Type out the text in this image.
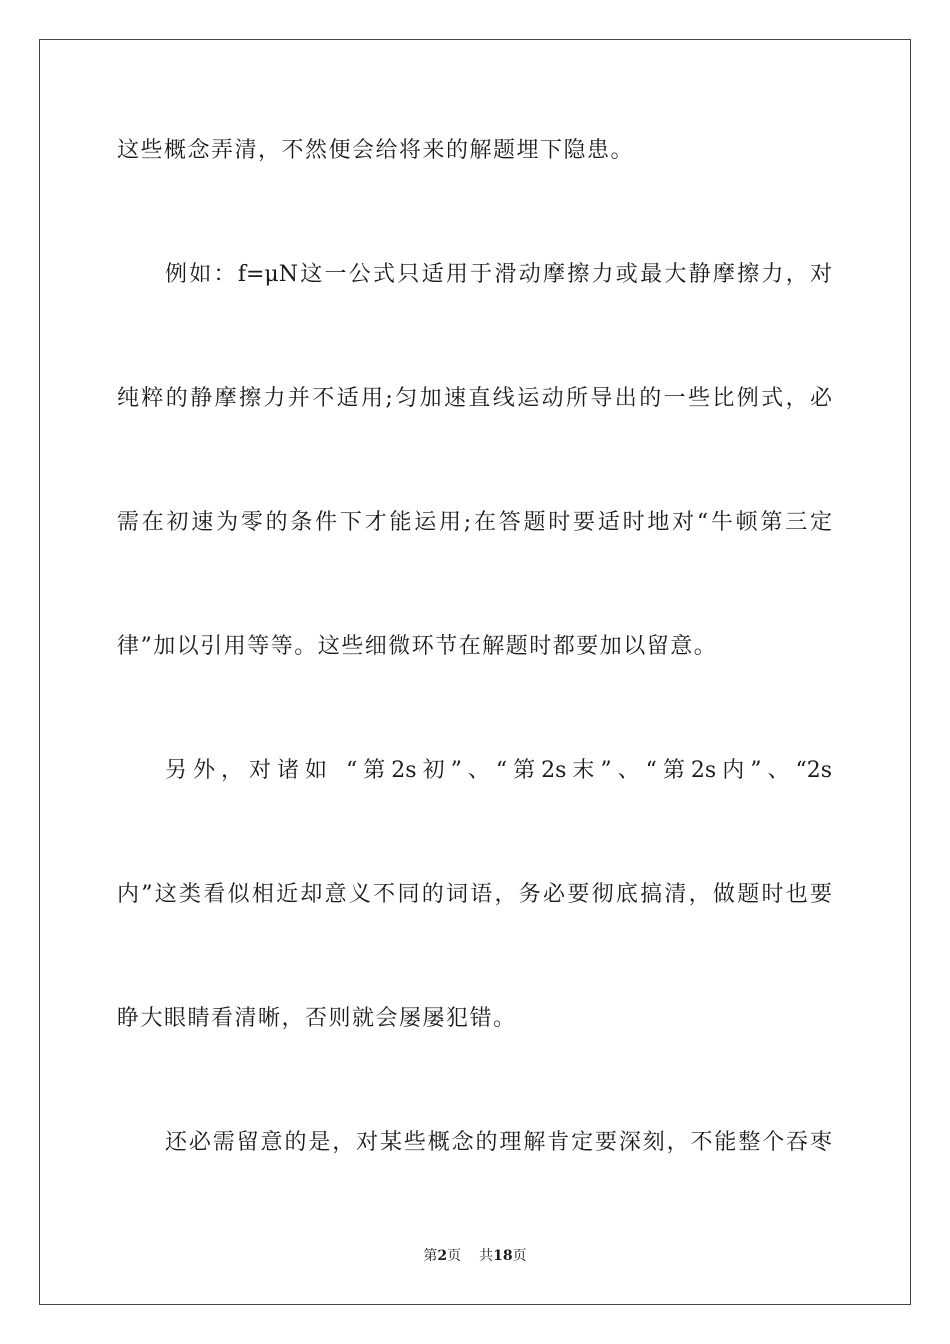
这些概念弄清，不然便会给将来的解题埋下隐患。
例如：f=μN这一公式只适用于滑动摩擦力或最大静摩擦力，对
纯粹的静摩擦力并不适用;匀加速直线运动所导出的一些比例式，必
需在初速为零的条件下才能运用;在答题时要适时地对“牛顿第三定
律”加以引用等等。这些细微环节在解题时都要加以留意。
另外，对诸如 “第2s初”、“第2s末”、“第2s内”、“2s
内”这类看似相近却意义不同的词语，务必要彻底搞清，做题时也要
睁大眼睛看清晰，否则就会屡屡犯错。
还必需留意的是，对某些概念的理解肯定要深刻，不能整个吞枣
第2页 共18页
